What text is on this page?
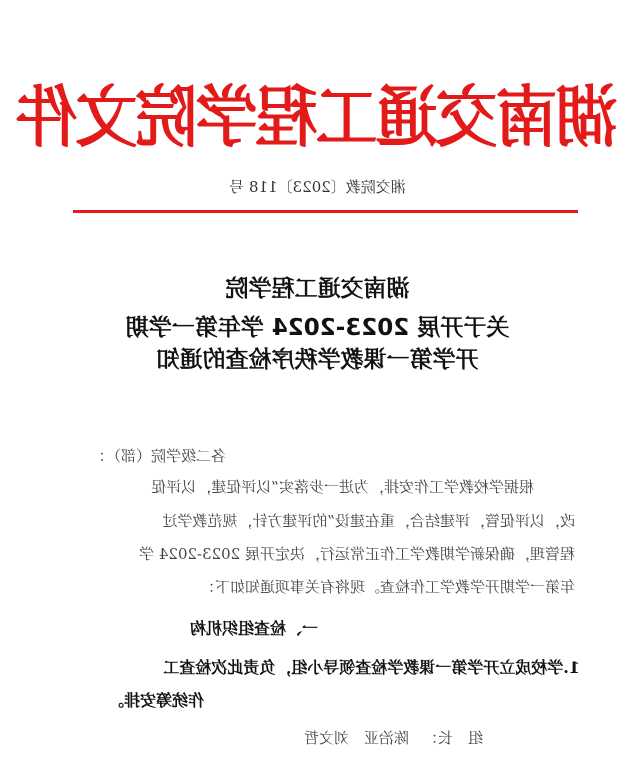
湖南交通工程学院文件
湘交院教〔2023〕118 号
湖南交通工程学院
关于开展 2023-2024 学年第一学期
开学第一课教学秩序检查的通知
各二级学院（部）：
根据学校教学工作安排，为进一步落实“以评促建，以评促
改，以评促管，评建结合，重在建设”的评建方针，规范教学过
程管理，确保新学期教学工作正常运行，决定开展 2023-2024 学
年第一学期开学教学工作检查。现将有关事项通知如下：
一、检查组织机构
1.学校成立开学第一课教学检查领导小组，负责此次检查工
作统筹安排。
组　长：陈治亚　刘文哲
